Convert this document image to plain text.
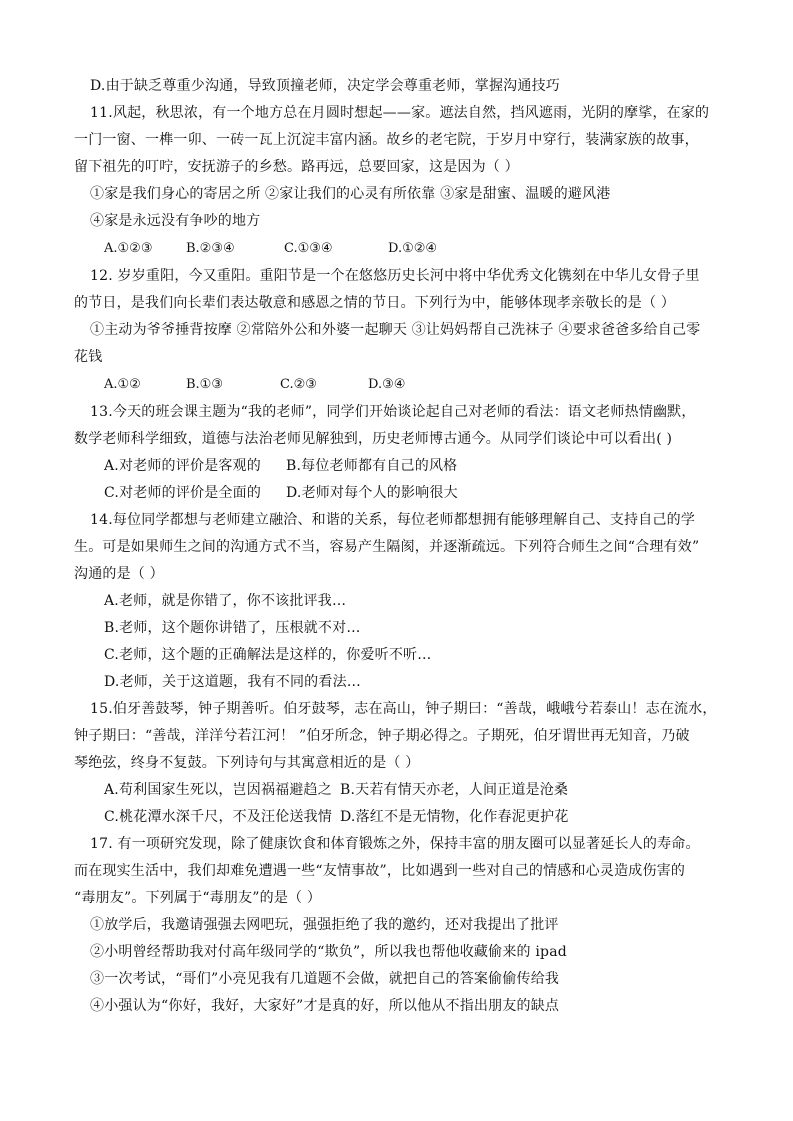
D.由于缺乏尊重少沟通，导致顶撞老师，决定学会尊重老师，掌握沟通技巧
11.风起，秋思浓，有一个地方总在月圆时想起——家。遮法自然，挡风遮雨，光阴的摩挲，在家的
一门一窗、一榫一卯、一砖一瓦上沉淀丰富内涵。故乡的老宅院，于岁月中穿行，装满家族的故事，
留下祖先的叮咛，安抚游子的乡愁。路再远，总要回家，这是因为（ ）
①家是我们身心的寄居之所 ②家让我们的心灵有所依靠 ③家是甜蜜、温暖的避风港
④家是永远没有争吵的地方
A.①②③	B.②③④	C.①③④	D.①②④
12. 岁岁重阳，今又重阳。重阳节是一个在悠悠历史长河中将中华优秀文化镌刻在中华儿女骨子里
的节日，是我们向长辈们表达敬意和感恩之情的节日。下列行为中，能够体现孝亲敬长的是（ ）
①主动为爷爷捶背按摩 ②常陪外公和外婆一起聊天 ③让妈妈帮自己洗袜子 ④要求爸爸多给自己零
花钱
A.①②	B.①③	C.②③	D.③④
13.今天的班会课主题为“我的老师”，同学们开始谈论起自己对老师的看法：语文老师热情幽默，
数学老师科学细致，道德与法治老师见解独到，历史老师博古通今。从同学们谈论中可以看出( )
A.对老师的评价是客观的 B.每位老师都有自己的风格
C.对老师的评价是全面的 D.老师对每个人的影响很大
14.每位同学都想与老师建立融洽、和谐的关系，每位老师都想拥有能够理解自己、支持自己的学
生。可是如果师生之间的沟通方式不当，容易产生隔阂，并逐渐疏远。下列符合师生之间“合理有效”
沟通的是（ ）
A.老师，就是你错了，你不该批评我…
B.老师，这个题你讲错了，压根就不对…
C.老师，这个题的正确解法是这样的，你爱听不听…
D.老师，关于这道题，我有不同的看法…
15.伯牙善鼓琴，钟子期善听。伯牙鼓琴，志在高山，钟子期曰：“善哉，峨峨兮若泰山！志在流水，
钟子期曰：“善哉，洋洋兮若江河！ ”伯牙所念，钟子期必得之。子期死，伯牙谓世再无知音，乃破
琴绝弦，终身不复鼓。下列诗句与其寓意相近的是（ ）
A.苟利国家生死以，岂因祸福避趋之 B.天若有情天亦老，人间正道是沧桑
C.桃花潭水深千尺，不及汪伦送我情 D.落红不是无情物，化作春泥更护花
17. 有一项研究发现，除了健康饮食和体育锻炼之外，保持丰富的朋友圈可以显著延长人的寿命。
而在现实生活中，我们却难免遭遇一些“友情事故”，比如遇到一些对自己的情感和心灵造成伤害的
“毒朋友”。下列属于“毒朋友”的是（ ）
①放学后，我邀请强强去网吧玩，强强拒绝了我的邀约，还对我提出了批评
②小明曾经帮助我对付高年级同学的“欺负”，所以我也帮他收藏偷来的 ipad
③一次考试，“哥们”小亮见我有几道题不会做，就把自己的答案偷偷传给我
④小强认为“你好，我好，大家好”才是真的好，所以他从不指出朋友的缺点
